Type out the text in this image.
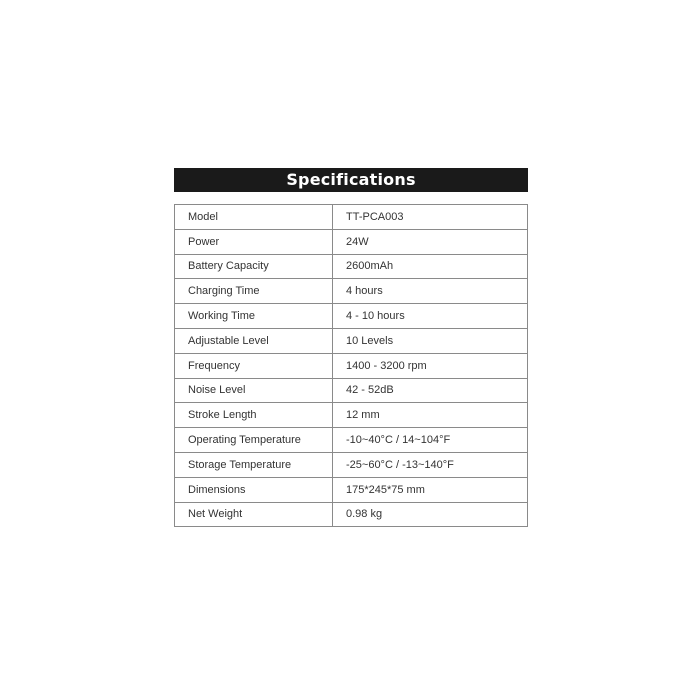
Specifications
Model	TT-PCA003
Power	24W
Battery Capacity	2600mAh
Charging Time	4 hours
Working Time	4 - 10 hours
Adjustable Level	10 Levels
Frequency	1400 - 3200 rpm
Noise Level	42 - 52dB
Stroke Length	12 mm
Operating Temperature	-10~40°C / 14~104°F
Storage Temperature	-25~60°C / -13~140°F
Dimensions	175*245*75 mm
Net Weight	0.98 kg
